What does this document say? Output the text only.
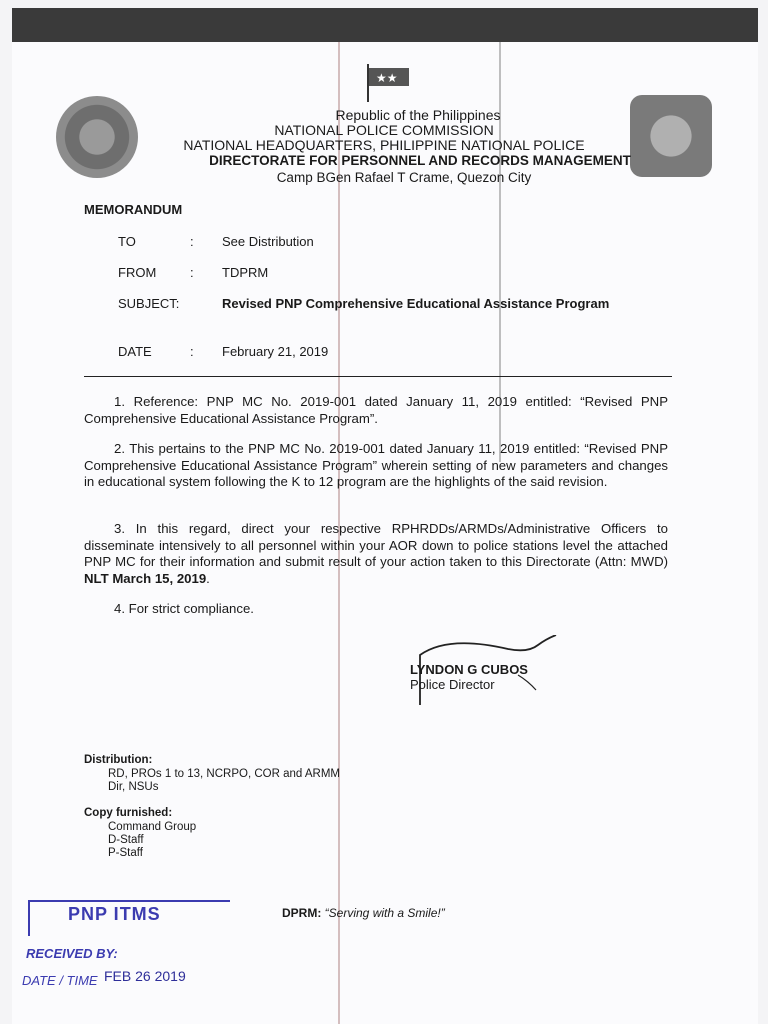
★★
Republic of the Philippines
NATIONAL POLICE COMMISSION
NATIONAL HEADQUARTERS, PHILIPPINE NATIONAL POLICE
DIRECTORATE FOR PERSONNEL AND RECORDS MANAGEMENT
Camp BGen Rafael T Crame, Quezon City
MEMORANDUM
TO	: See Distribution
FROM	: TDPRM
SUBJECT:	Revised PNP Comprehensive Educational Assistance Program
DATE	: February 21, 2019
1. Reference: PNP MC No. 2019-001 dated January 11, 2019 entitled: “Revised PNP Comprehensive Educational Assistance Program”.
2. This pertains to the PNP MC No. 2019-001 dated January 11, 2019 entitled: “Revised PNP Comprehensive Educational Assistance Program” wherein setting of new parameters and changes in educational system following the K to 12 program are the highlights of the said revision.
3. In this regard, direct your respective RPHRDDs/ARMDs/Administrative Officers to disseminate intensively to all personnel within your AOR down to police stations level the attached PNP MC for their information and submit result of your action taken to this Directorate (Attn: MWD) NLT March 15, 2019.
4. For strict compliance.
LYNDON G CUBOS
Police Director
Distribution:
RD, PROs 1 to 13, NCRPO, COR and ARMM
Dir, NSUs
Copy furnished:
Command Group
D-Staff
P-Staff
DPRM: “Serving with a Smile!”
PNP ITMS
RECEIVED BY:
DATE / TIME FEB 26 2019
